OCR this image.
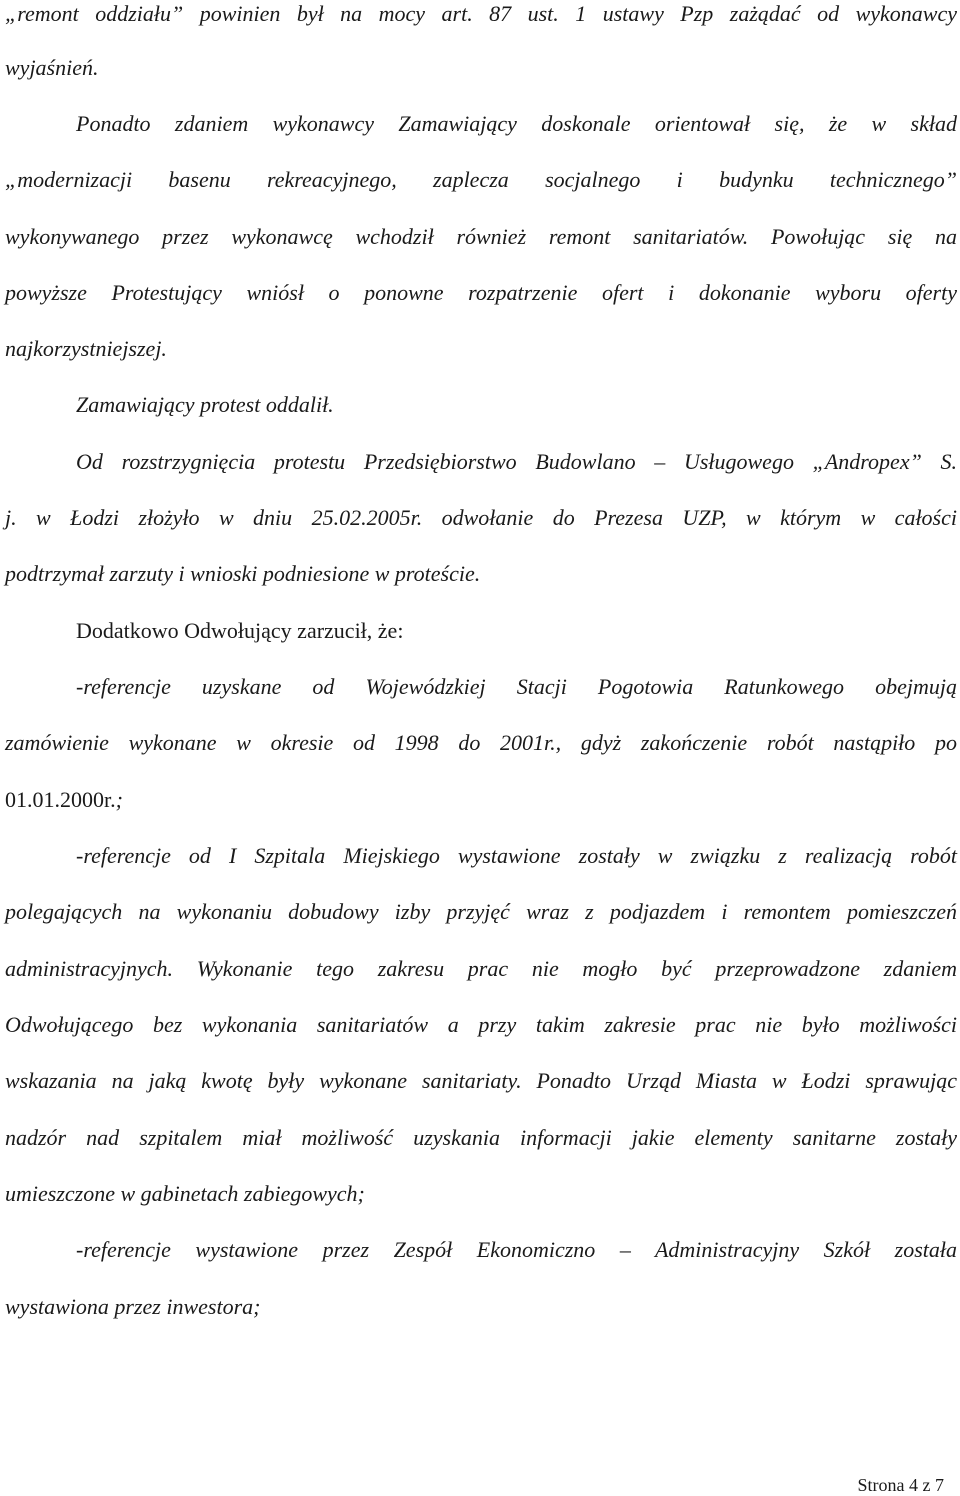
„remont oddziału” powinien był na mocy art. 87 ust. 1 ustawy Pzp zażądać od wykonawcy
wyjaśnień.
Ponadto zdaniem wykonawcy Zamawiający doskonale orientował się, że w skład
„modernizacji basenu rekreacyjnego, zaplecza socjalnego i budynku technicznego”
wykonywanego przez wykonawcę wchodził również remont sanitariatów. Powołując się na
powyższe Protestujący wniósł o ponowne rozpatrzenie ofert i dokonanie wyboru oferty
najkorzystniejszej.
Zamawiający protest oddalił.
Od rozstrzygnięcia protestu Przedsiębiorstwo Budowlano – Usługowego „Andropex” S.
j. w Łodzi złożyło w dniu 25.02.2005r. odwołanie do Prezesa UZP, w którym w całości
podtrzymał zarzuty i wnioski podniesione w proteście.
Dodatkowo Odwołujący zarzucił, że:
-referencje uzyskane od Wojewódzkiej Stacji Pogotowia Ratunkowego obejmują
zamówienie wykonane w okresie od 1998 do 2001r., gdyż zakończenie robót nastąpiło po
01.01.2000r.;
-referencje od I Szpitala Miejskiego wystawione zostały w związku z realizacją robót
polegających na wykonaniu dobudowy izby przyjęć wraz z podjazdem i remontem pomieszczeń
administracyjnych. Wykonanie tego zakresu prac nie mogło być przeprowadzone zdaniem
Odwołującego bez wykonania sanitariatów a przy takim zakresie prac nie było możliwości
wskazania na jaką kwotę były wykonane sanitariaty. Ponadto Urząd Miasta w Łodzi sprawując
nadzór nad szpitalem miał możliwość uzyskania informacji jakie elementy sanitarne zostały
umieszczone w gabinetach zabiegowych;
-referencje wystawione przez Zespół Ekonomiczno – Administracyjny Szkół została
wystawiona przez inwestora;
Strona 4 z 7
